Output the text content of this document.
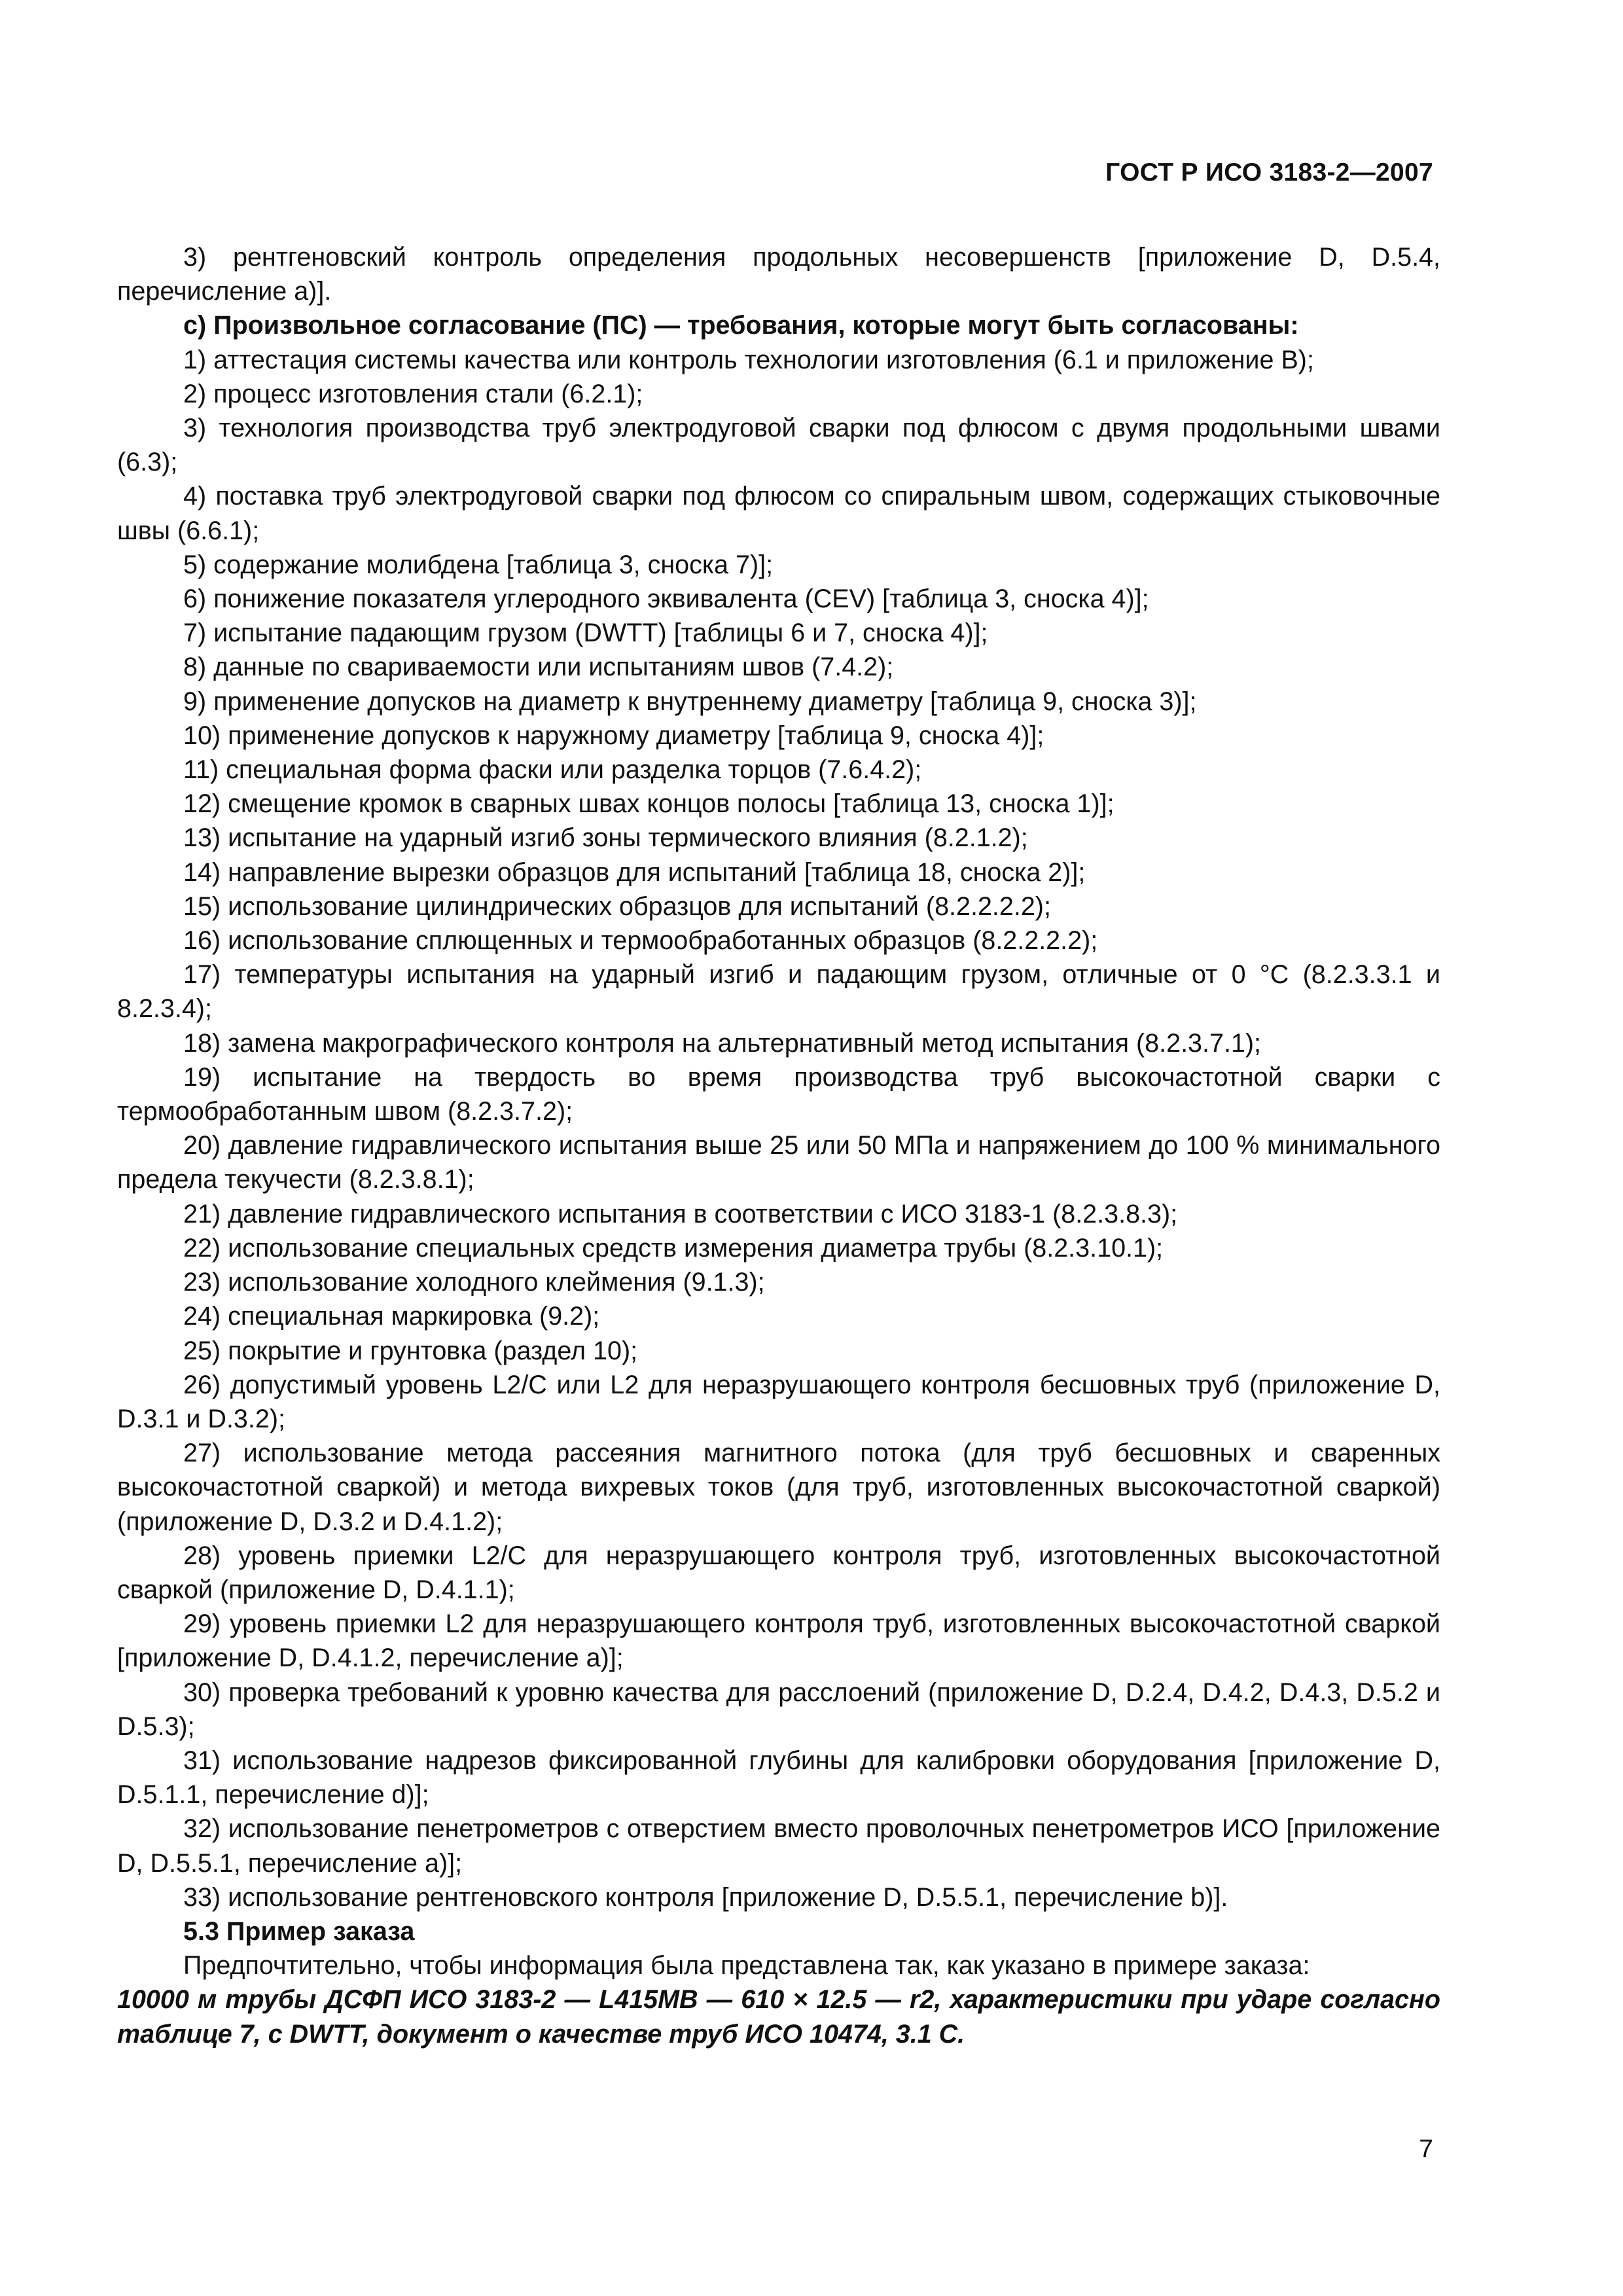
ГОСТ Р ИСО 3183-2—2007

3) рентгеновский контроль определения продольных несовершенств [приложение D, D.5.4, перечисление a)].

с) Произвольное согласование (ПС) — требования, которые могут быть согласованы:

1) аттестация системы качества или контроль технологии изготовления (6.1 и приложение B);

2) процесс изготовления стали (6.2.1);

3) технология производства труб электродуговой сварки под флюсом с двумя продольными швами (6.3);

4) поставка труб электродуговой сварки под флюсом со спиральным швом, содержащих стыковочные швы (6.6.1);

5) содержание молибдена [таблица 3, сноска 7)];

6) понижение показателя углеродного эквивалента (CEV) [таблица 3, сноска 4)];

7) испытание падающим грузом (DWTT) [таблицы 6 и 7, сноска 4)];

8) данные по свариваемости или испытаниям швов (7.4.2);

9) применение допусков на диаметр к внутреннему диаметру [таблица 9, сноска 3)];

10) применение допусков к наружному диаметру [таблица 9, сноска 4)];

11) специальная форма фаски или разделка торцов (7.6.4.2);

12) смещение кромок в сварных швах концов полосы [таблица 13, сноска 1)];

13) испытание на ударный изгиб зоны термического влияния (8.2.1.2);

14) направление вырезки образцов для испытаний [таблица 18, сноска 2)];

15) использование цилиндрических образцов для испытаний (8.2.2.2.2);

16) использование сплющенных и термообработанных образцов (8.2.2.2.2);

17) температуры испытания на ударный изгиб и падающим грузом, отличные от 0 °C (8.2.3.3.1 и 8.2.3.4);

18) замена макрографического контроля на альтернативный метод испытания (8.2.3.7.1);

19) испытание на твердость во время производства труб высокочастотной сварки с термообработанным швом (8.2.3.7.2);

20) давление гидравлического испытания выше 25 или 50 МПа и напряжением до 100 % минимального предела текучести (8.2.3.8.1);

21) давление гидравлического испытания в соответствии с ИСО 3183-1 (8.2.3.8.3);

22) использование специальных средств измерения диаметра трубы (8.2.3.10.1);

23) использование холодного клеймения (9.1.3);

24) специальная маркировка (9.2);

25) покрытие и грунтовка (раздел 10);

26) допустимый уровень L2/C или L2 для неразрушающего контроля бесшовных труб (приложение D, D.3.1 и D.3.2);

27) использование метода рассеяния магнитного потока (для труб бесшовных и сваренных высокочастотной сваркой) и метода вихревых токов (для труб, изготовленных высокочастотной сваркой) (приложение D, D.3.2 и D.4.1.2);

28) уровень приемки L2/C для неразрушающего контроля труб, изготовленных высокочастотной сваркой (приложение D, D.4.1.1);

29) уровень приемки L2 для неразрушающего контроля труб, изготовленных высокочастотной сваркой [приложение D, D.4.1.2, перечисление a)];

30) проверка требований к уровню качества для расслоений (приложение D, D.2.4, D.4.2, D.4.3, D.5.2 и D.5.3);

31) использование надрезов фиксированной глубины для калибровки оборудования [приложение D, D.5.1.1, перечисление d)];

32) использование пенетрометров с отверстием вместо проволочных пенетрометров ИСО [приложение D, D.5.5.1, перечисление a)];

33) использование рентгеновского контроля [приложение D, D.5.5.1, перечисление b)].

5.3 Пример заказа

Предпочтительно, чтобы информация была представлена так, как указано в примере заказа:

10000 м трубы ДСФП ИСО 3183-2 — L415MB — 610 × 12.5 — r2, характеристики при ударе согласно таблице 7, с DWTT, документ о качестве труб ИСО 10474, 3.1 C.

7
